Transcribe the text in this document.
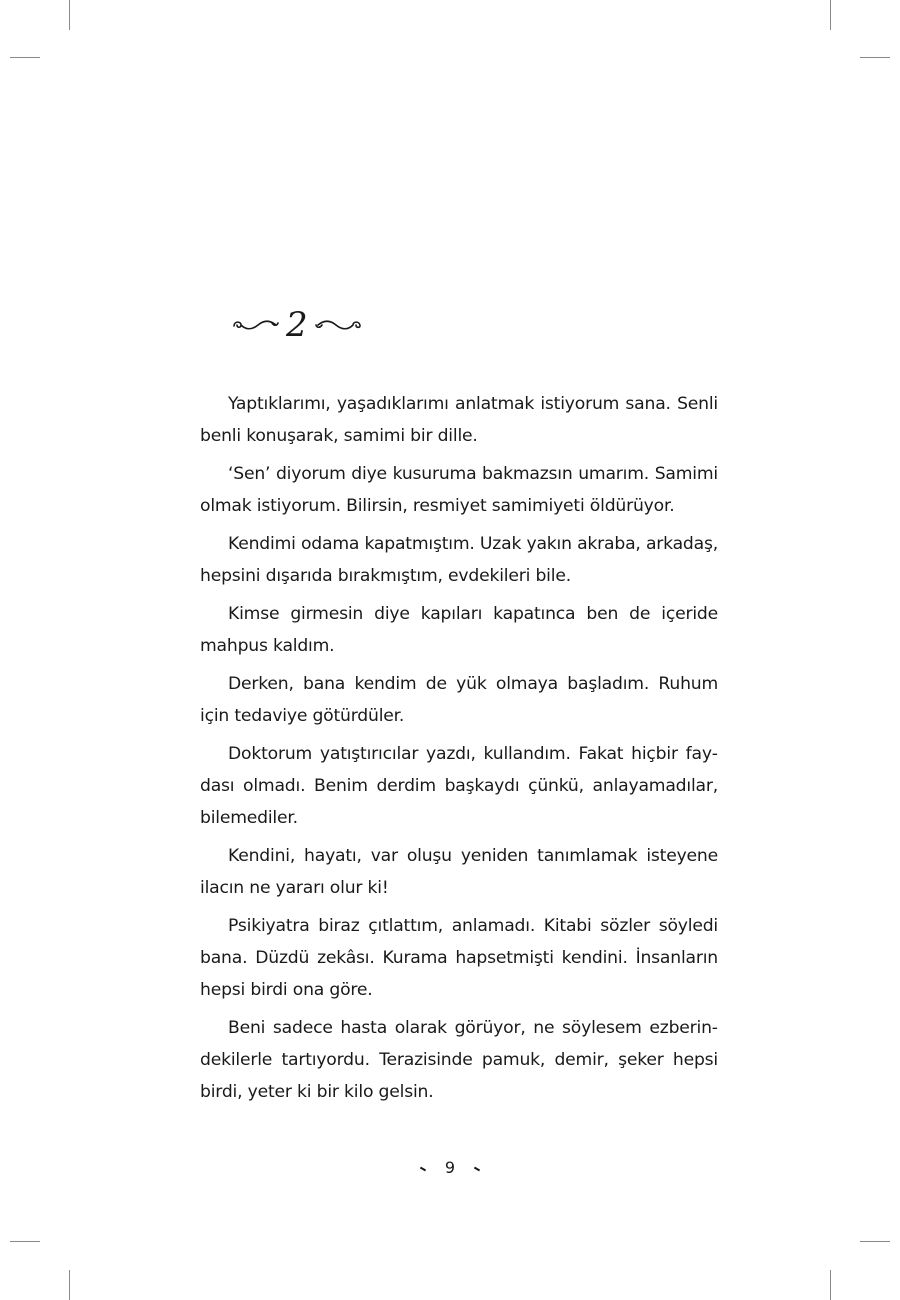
2

Yaptıklarımı, yaşadıklarımı anlatmak istiyorum sana. Senli benli konuşarak, samimi bir dille.

‘Sen’ diyorum diye kusuruma bakmazsın umarım. Samimi olmak istiyorum. Bilirsin, resmiyet samimiyeti öldürüyor.

Kendimi odama kapatmıştım. Uzak yakın akraba, arkadaş, hepsini dışarıda bırakmıştım, evdekileri bile.

Kimse girmesin diye kapıları kapatınca ben de içeride mahpus kaldım.

Derken, bana kendim de yük olmaya başladım. Ruhum için tedaviye götürdüler.

Doktorum yatıştırıcılar yazdı, kullandım. Fakat hiçbir faydası olmadı. Benim derdim başkaydı çünkü, anlayamadılar, bilemediler.

Kendini, hayatı, var oluşu yeniden tanımlamak isteyene ilacın ne yararı olur ki!

Psikiyatra biraz çıtlattım, anlamadı. Kitabi sözler söyledi bana. Düzdü zekâsı. Kurama hapsetmişti kendini. İnsanların hepsi birdi ona göre.

Beni sadece hasta olarak görüyor, ne söylesem ezberindekilerle tartıyordu. Terazisinde pamuk, demir, şeker hepsi birdi, yeter ki bir kilo gelsin.

9
